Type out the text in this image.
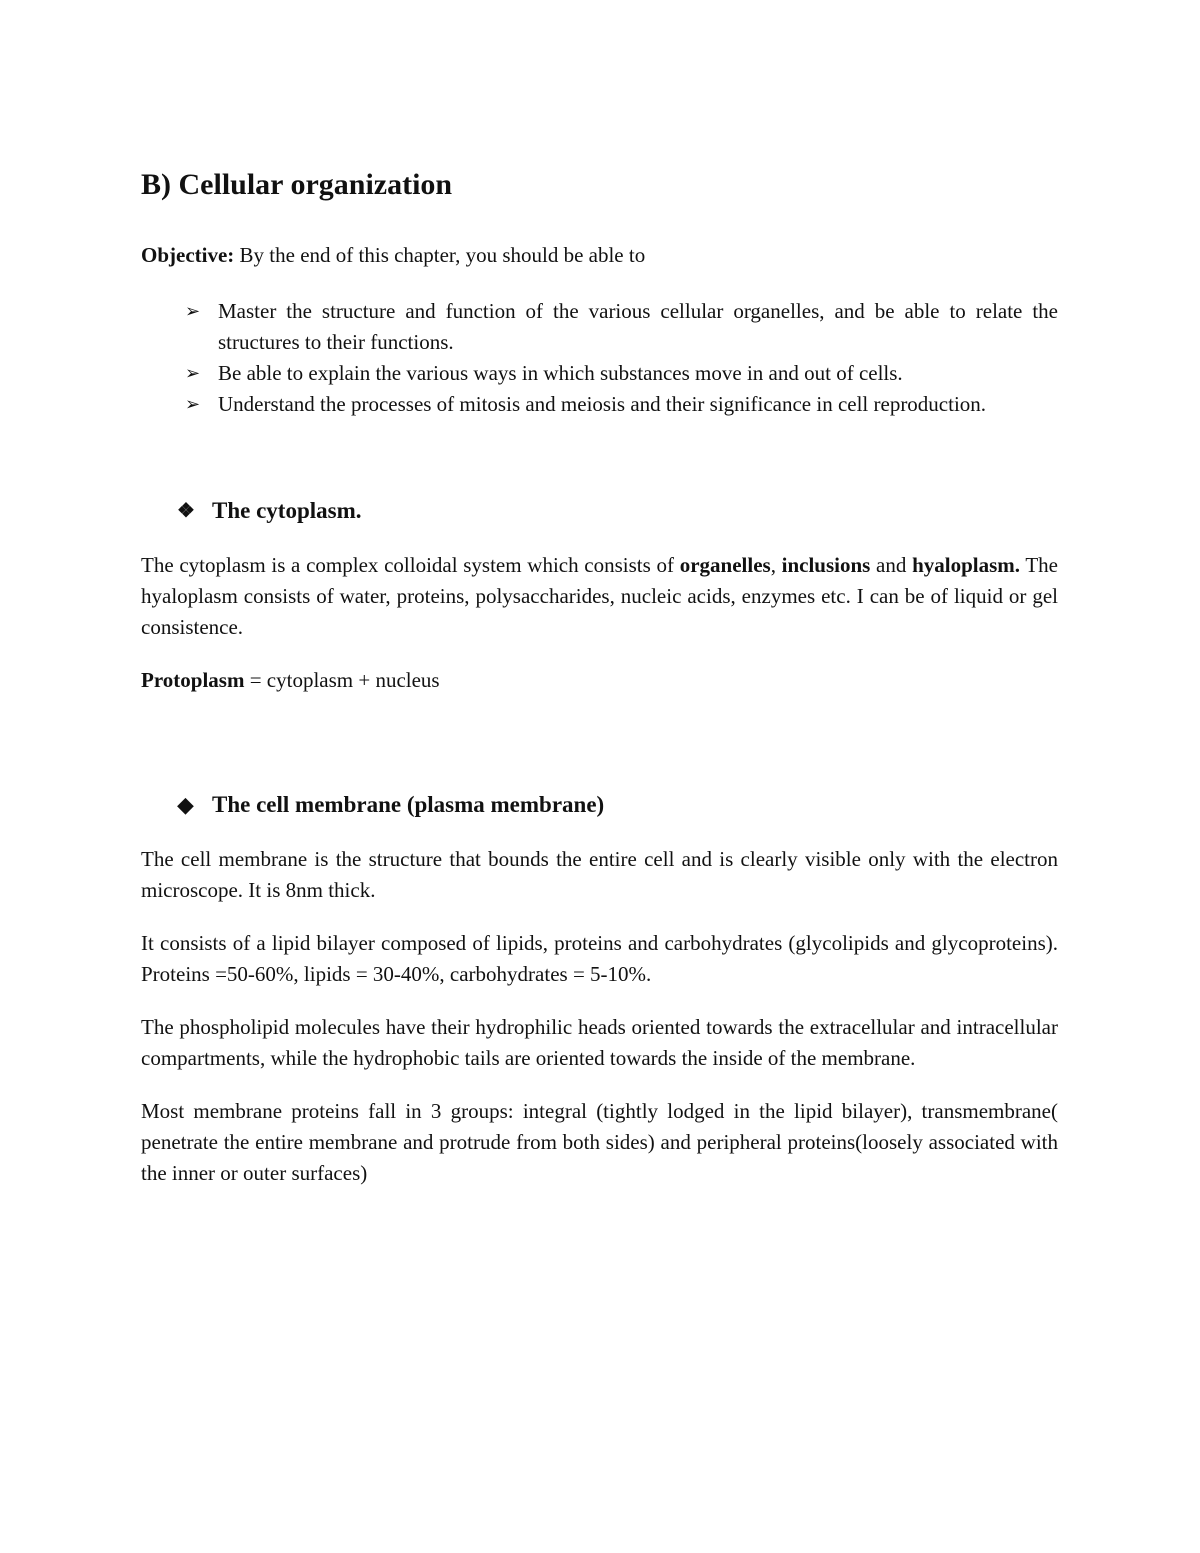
B) Cellular organization

Objective: By the end of this chapter, you should be able to

➢ Master the structure and function of the various cellular organelles, and be able to relate the structures to their functions.
➢ Be able to explain the various ways in which substances move in and out of cells.
➢ Understand the processes of mitosis and meiosis and their significance in cell reproduction.
❖ The cytoplasm.

The cytoplasm is a complex colloidal system which consists of organelles, inclusions and hyaloplasm. The hyaloplasm consists of water, proteins, polysaccharides, nucleic acids, enzymes etc. I can be of liquid or gel consistence.

Protoplasm = cytoplasm + nucleus

◆ The cell membrane (plasma membrane)

The cell membrane is the structure that bounds the entire cell and is clearly visible only with the electron microscope. It is 8nm thick.

It consists of a lipid bilayer composed of lipids, proteins and carbohydrates (glycolipids and glycoproteins). Proteins =50-60%, lipids = 30-40%, carbohydrates = 5-10%.

The phospholipid molecules have their hydrophilic heads oriented towards the extracellular and intracellular compartments, while the hydrophobic tails are oriented towards the inside of the membrane.

Most membrane proteins fall in 3 groups: integral (tightly lodged in the lipid bilayer), transmembrane( penetrate the entire membrane and protrude from both sides) and peripheral proteins(loosely associated with the inner or outer surfaces)
